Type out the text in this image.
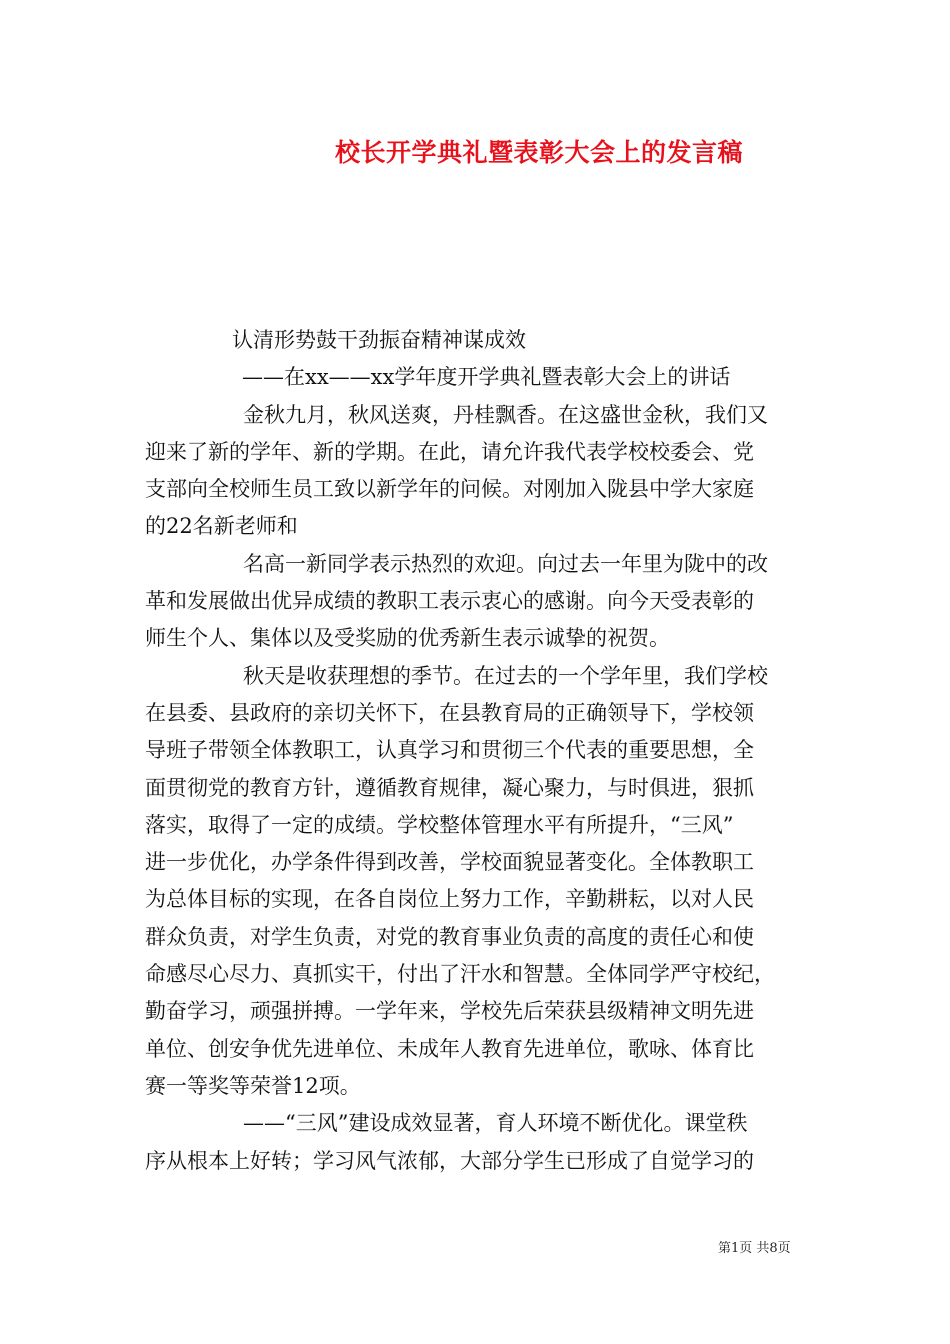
校长开学典礼暨表彰大会上的发言稿

认清形势鼓干劲振奋精神谋成效

——在xx——xx学年度开学典礼暨表彰大会上的讲话

金秋九月，秋风送爽，丹桂飘香。在这盛世金秋，我们又

迎来了新的学年、新的学期。在此，请允许我代表学校校委会、党

支部向全校师生员工致以新学年的问候。对刚加入陇县中学大家庭

的22名新老师和

名高一新同学表示热烈的欢迎。向过去一年里为陇中的改

革和发展做出优异成绩的教职工表示衷心的感谢。向今天受表彰的

师生个人、集体以及受奖励的优秀新生表示诚挚的祝贺。

秋天是收获理想的季节。在过去的一个学年里，我们学校

在县委、县政府的亲切关怀下，在县教育局的正确领导下，学校领

导班子带领全体教职工，认真学习和贯彻三个代表的重要思想，全

面贯彻党的教育方针，遵循教育规律，凝心聚力，与时俱进，狠抓

落实，取得了一定的成绩。学校整体管理水平有所提升，“三风”

进一步优化，办学条件得到改善，学校面貌显著变化。全体教职工

为总体目标的实现，在各自岗位上努力工作，辛勤耕耘，以对人民

群众负责，对学生负责，对党的教育事业负责的高度的责任心和使

命感尽心尽力、真抓实干，付出了汗水和智慧。全体同学严守校纪，

勤奋学习，顽强拼搏。一学年来，学校先后荣获县级精神文明先进

单位、创安争优先进单位、未成年人教育先进单位，歌咏、体育比

赛一等奖等荣誉12项。

——“三风”建设成效显著，育人环境不断优化。课堂秩

序从根本上好转；学习风气浓郁，大部分学生已形成了自觉学习的

第1页 共8页
